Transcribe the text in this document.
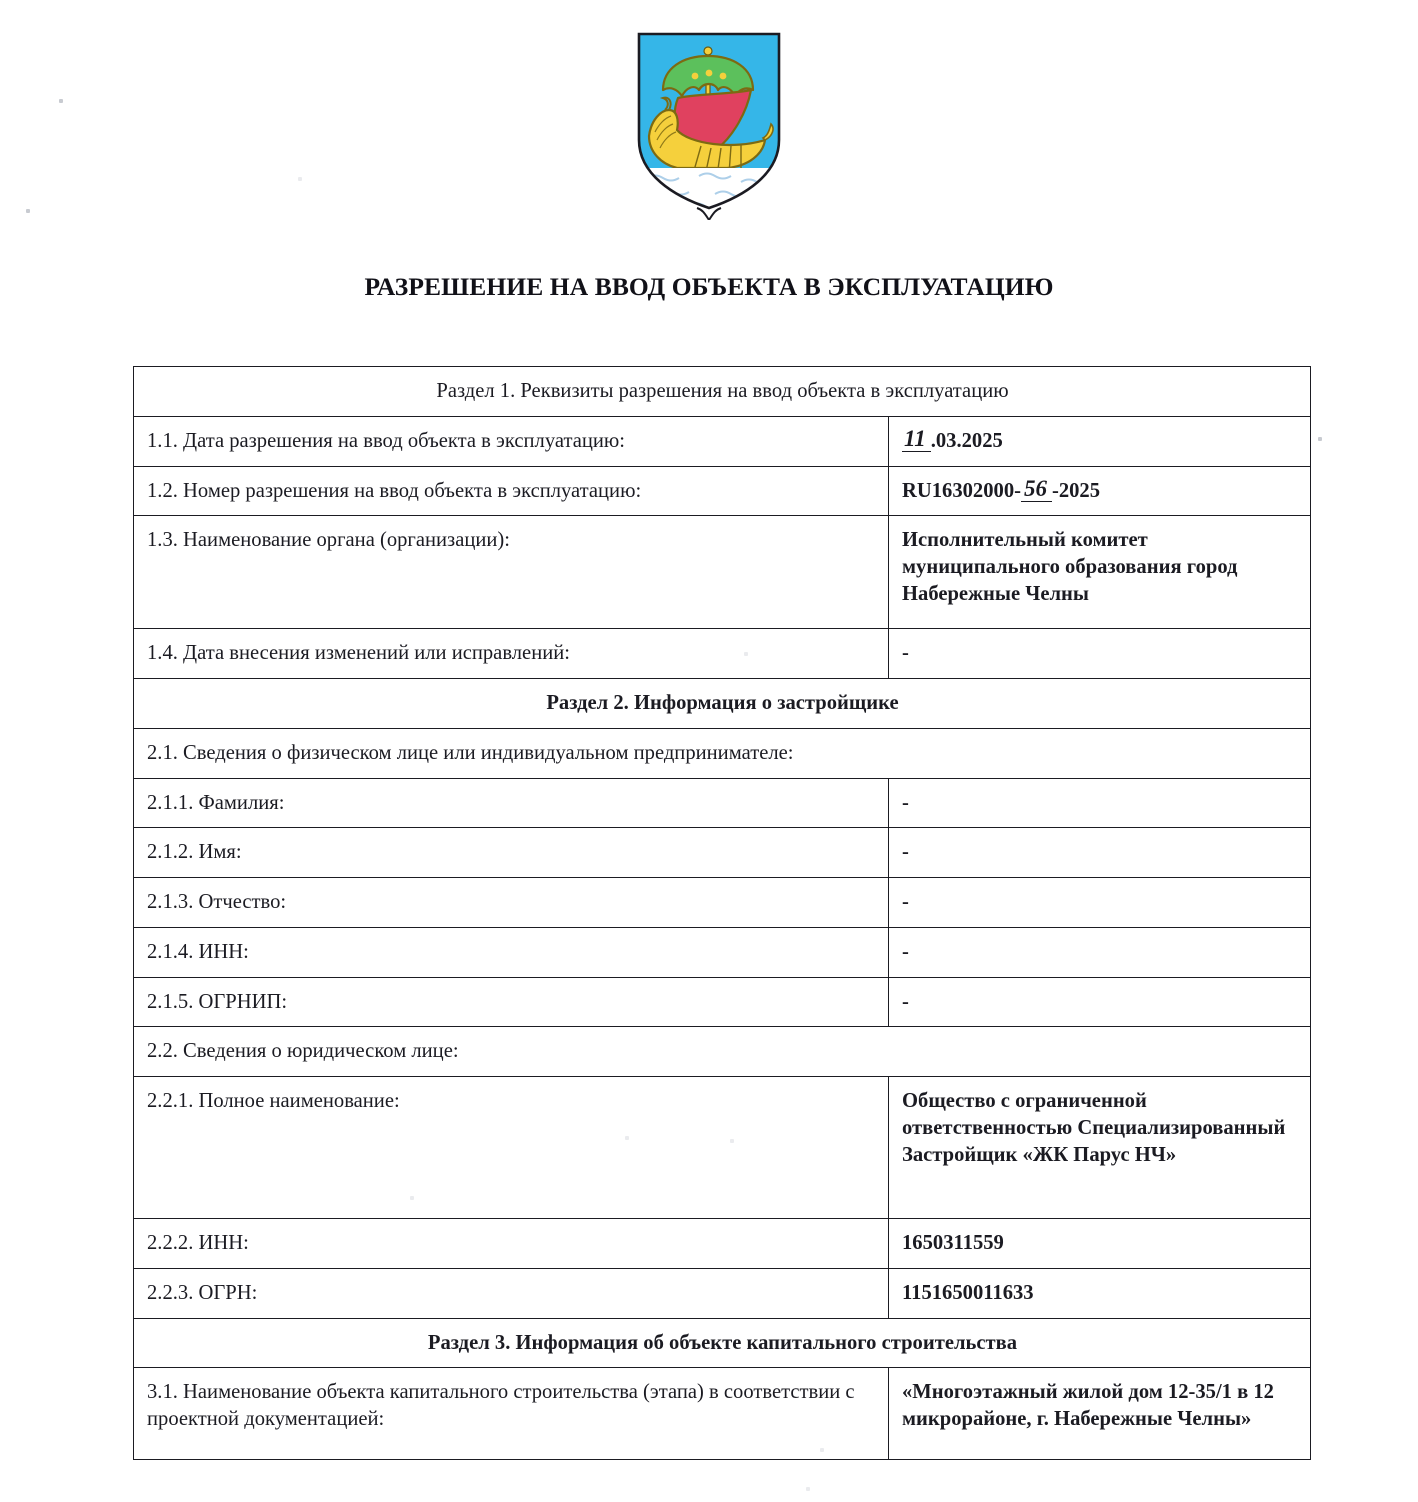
РАЗРЕШЕНИЕ НА ВВОД ОБЪЕКТА В ЭКСПЛУАТАЦИЮ
Раздел 1. Реквизиты разрешения на ввод объекта в эксплуатацию	
1.1. Дата разрешения на ввод объекта в эксплуатацию:	11 .03.2025
1.2. Номер разрешения на ввод объекта в эксплуатацию:	RU16302000- 56 -2025
1.3. Наименование органа (организации):	Исполнительный комитет муниципального образования город Набережные Челны
1.4. Дата внесения изменений или исправлений:	-
Раздел 2. Информация о застройщике	
2.1. Сведения о физическом лице или индивидуальном предпринимателе:	
2.1.1. Фамилия:	-
2.1.2. Имя:	-
2.1.3. Отчество:	-
2.1.4. ИНН:	-
2.1.5. ОГРНИП:	-
2.2. Сведения о юридическом лице:	
2.2.1. Полное наименование:	Общество с ограниченной ответственностью Специализированный Застройщик «ЖК Парус НЧ»
2.2.2. ИНН:	1650311559
2.2.3. ОГРН:	1151650011633
Раздел 3. Информация об объекте капитального строительства	
3.1. Наименование объекта капитального строительства (этапа) в соответствии с проектной документацией:	«Многоэтажный жилой дом 12-35/1 в 12 микрорайоне, г. Набережные Челны»
